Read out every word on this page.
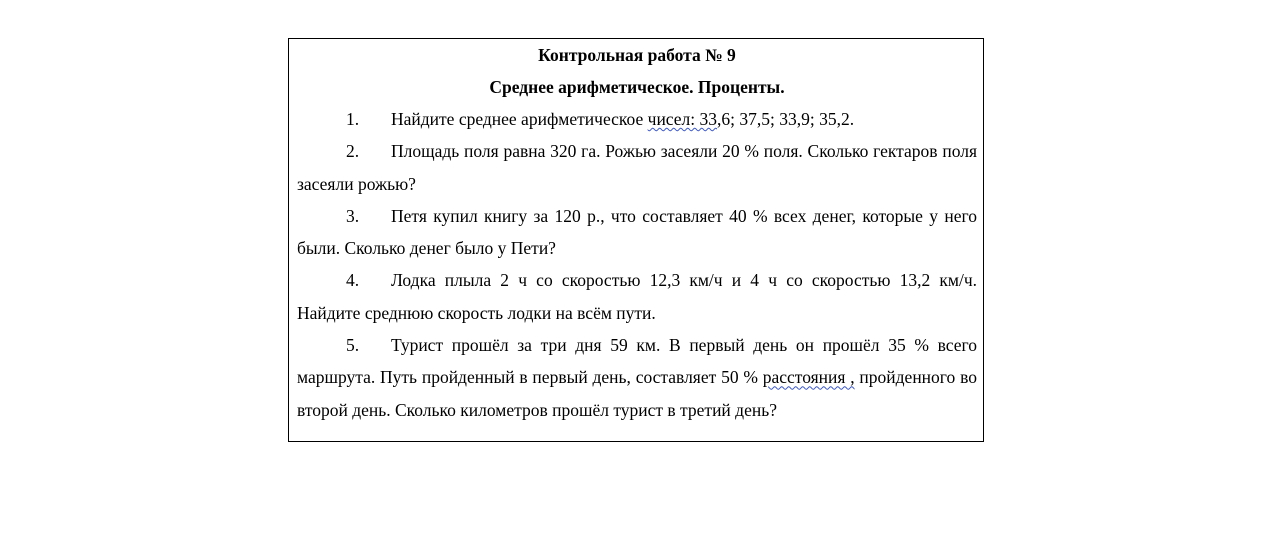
Контрольная работа № 9

Среднее арифметическое. Проценты.

1. Найдите среднее арифметическое чисел: 33,6; 37,5; 33,9; 35,2.

2. Площадь поля равна 320 га. Рожью засеяли 20 % поля. Сколько гектаров поля засеяли рожью?

3. Петя купил книгу за 120 р., что составляет 40 % всех денег, которые у него были. Сколько денег было у Пети?

4. Лодка плыла 2 ч со скоростью 12,3 км/ч и 4 ч со скоростью 13,2 км/ч. Найдите среднюю скорость лодки на всём пути.

5. Турист прошёл за три дня 59 км. В первый день он прошёл 35 % всего маршрута. Путь пройденный в первый день, составляет 50 % расстояния , пройденного во второй день. Сколько километров прошёл турист в третий день?
